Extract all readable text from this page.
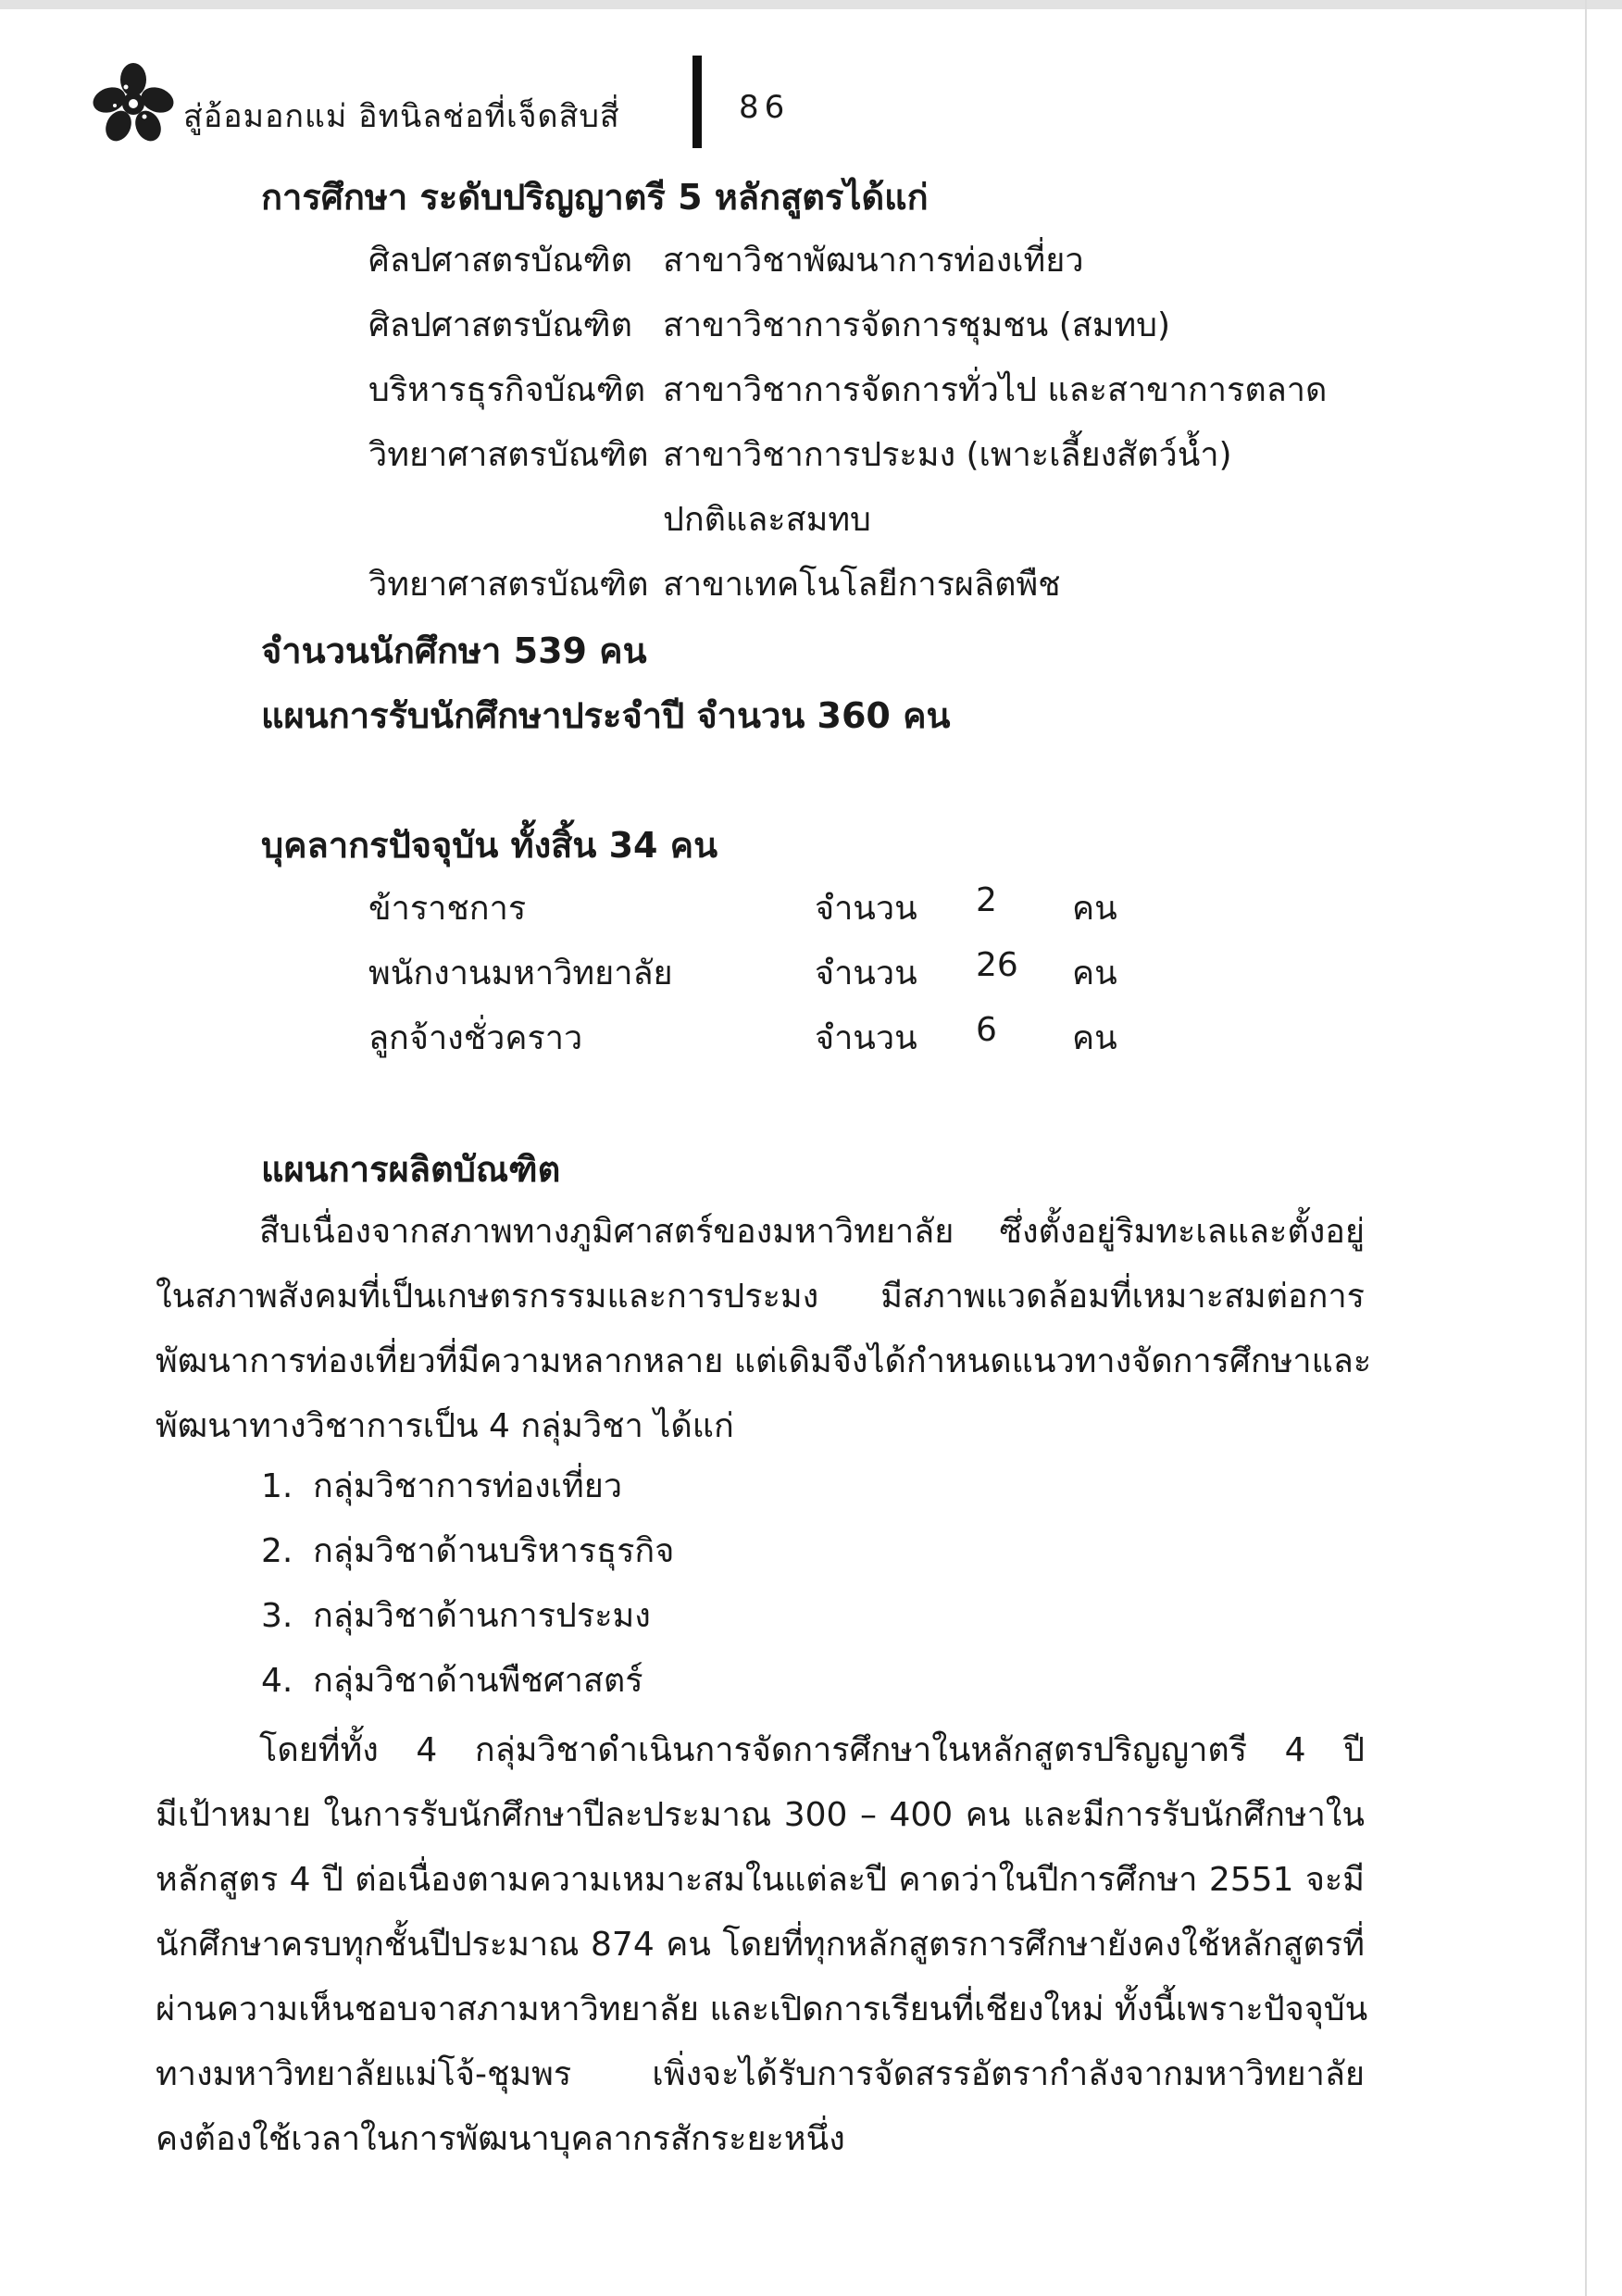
สู่อ้อมอกแม่ อิทนิลช่อที่เจ็ดสิบสี่	86
การศึกษา ระดับปริญญาตรี 5 หลักสูตรได้แก่
ศิลปศาสตรบัณฑิต สาขาวิชาพัฒนาการท่องเที่ยว
ศิลปศาสตรบัณฑิต สาขาวิชาการจัดการชุมชน (สมทบ)
บริหารธุรกิจบัณฑิต สาขาวิชาการจัดการทั่วไป และสาขาการตลาด
วิทยาศาสตรบัณฑิต สาขาวิชาการประมง (เพาะเลี้ยงสัตว์น้ำ)
ปกติและสมทบ
วิทยาศาสตรบัณฑิต สาขาเทคโนโลยีการผลิตพืช
จำนวนนักศึกษา 539 คน
แผนการรับนักศึกษาประจำปี จำนวน 360 คน
บุคลากรปัจจุบัน ทั้งสิ้น 34 คน
ข้าราชการ	จำนวน 2 คน
พนักงานมหาวิทยาลัย	จำนวน 26 คน
ลูกจ้างชั่วคราว	จำนวน 6 คน
แผนการผลิตบัณฑิต
สืบเนื่องจากสภาพทางภูมิศาสตร์ของมหาวิทยาลัย ซึ่งตั้งอยู่ริมทะเลและตั้งอยู่
ในสภาพสังคมที่เป็นเกษตรกรรมและการประมง มีสภาพแวดล้อมที่เหมาะสมต่อการ
พัฒนาการท่องเที่ยวที่มีความหลากหลาย แต่เดิมจึงได้กำหนดแนวทางจัดการศึกษาและ
พัฒนาทางวิชาการเป็น 4 กลุ่มวิชา ได้แก่
1. กลุ่มวิชาการท่องเที่ยว
2. กลุ่มวิชาด้านบริหารธุรกิจ
3. กลุ่มวิชาด้านการประมง
4. กลุ่มวิชาด้านพืชศาสตร์
โดยที่ทั้ง 4 กลุ่มวิชาดำเนินการจัดการศึกษาในหลักสูตรปริญญาตรี 4 ปี
มีเป้าหมาย ในการรับนักศึกษาปีละประมาณ 300 – 400 คน และมีการรับนักศึกษาใน
หลักสูตร 4 ปี ต่อเนื่องตามความเหมาะสมในแต่ละปี คาดว่าในปีการศึกษา 2551 จะมี
นักศึกษาครบทุกชั้นปีประมาณ 874 คน โดยที่ทุกหลักสูตรการศึกษายังคงใช้หลักสูตรที่
ผ่านความเห็นชอบจาสภามหาวิทยาลัย และเปิดการเรียนที่เชียงใหม่ ทั้งนี้เพราะปัจจุบัน
ทางมหาวิทยาลัยแม่โจ้-ชุมพร เพิ่งจะได้รับการจัดสรรอัตรากำลังจากมหาวิทยาลัย
คงต้องใช้เวลาในการพัฒนาบุคลากรสักระยะหนึ่ง
